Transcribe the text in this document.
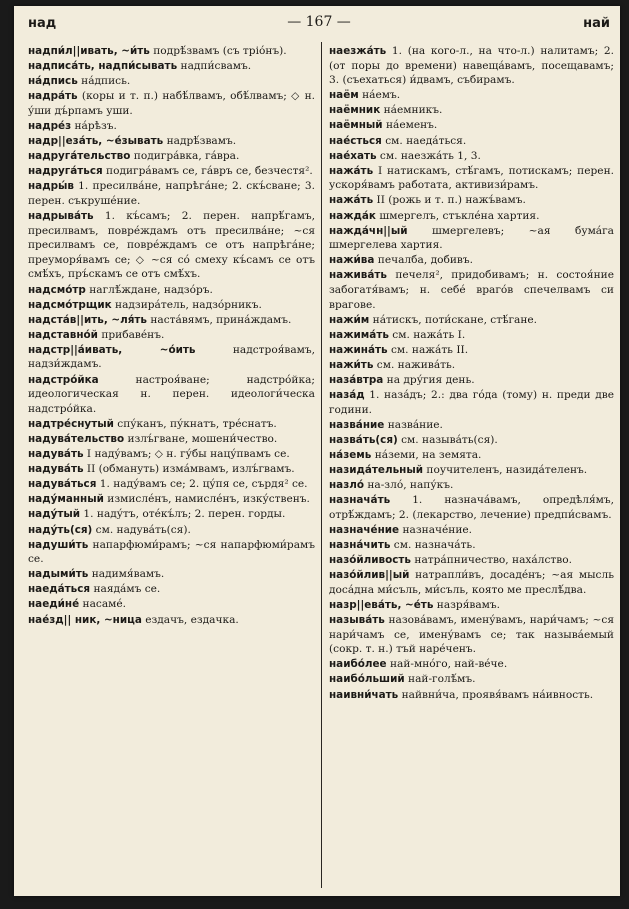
над	— 167 —	най
надпи́л||ивать, ~и́ть подрѣ́звамъ (съ тріо́нъ).
надписа́ть, надпи́сывать надпи́свамъ.
на́дпись на́дпись.
надра́ть (коры и т. п.) набѣ́лвамъ, обѣ́лвамъ; ◇ н. у́ши дъ́рпамъ уши.
надре́з на́рѣзъ.
надр||еза́ть, ~е́зывать надрѣ́звамъ.
надруга́тельство подигра́вка, га́вра.
надруга́ться подигра́вамъ се, га́връ се, безчестя².
надры́в 1. пресилва́не, напрѣга́не; 2. скъ́сване; 3. перен. съкруше́ние.
надрыва́ть 1. къ́самъ; 2. перен. напрѣ́гамъ, пресилвамъ, повре́ждамъ отъ пресилва́не; ~ся пресилвамъ се, повре́ждамъ се отъ напрѣга́не; преуморя́вамъ се; ◇ ~ся со́ смеху къ́самъ се отъ смѣ́хъ, пръ́скамъ се отъ смѣ́хъ.
надсмо́тр наглѣ́ждане, надзо́ръ.
надсмо́трщик надзира́тель, надзо́рникъ.
надста́в||ить, ~ля́ть наста́вямъ, прина́ждамъ.
надставно́й прибаве́нъ.
надстр||а́ивать, ~о́ить надстроя́вамъ, надзи́ждамъ.
надстро́йка настроя́ване; надстро́йка; идеологическая н. перен. идеологи́ческа надстро́йка.
надтре́снутый спу́канъ, пу́кнатъ, тре́снатъ.
надува́тельство излъ́гване, мошени́чество.
надува́ть I наду́вамъ; ◇ н. гу́бы нацу́пвамъ се.
надува́ть II (обмануть) изма́мвамъ, излъ́гвамъ.
надува́ться 1. наду́вамъ се; 2. цу́пя се, сърдя² се.
наду́манный измисле́нъ, намисле́нъ, изку́ственъ.
наду́тый 1. наду́тъ, оте́къ́лъ; 2. перен. горды.
наду́ть(ся) см. надува́ть(ся).
надуши́ть напарфюми́рамъ; ~ся напарфюми́рамъ се.
надыми́ть надимя́вамъ.
наеда́ться наяда́мъ се.
наеди́не́ насаме́.
нае́зд|| ник, ~ница ездачъ, ездачка.
наезжа́ть 1. (на кого-л., на что-л.) налитамъ; 2. (от поры до времени) навеща́вамъ, посещавамъ; 3. (съехаться) и́двамъ, събирамъ.
наём на́емъ.
наёмник на́емникъ.
наёмный на́еменъ.
нае́сться см. наеда́ться.
нае́хать см. наезжа́ть 1, 3.
нажа́ть I натискамъ, стѣ́гамъ, потискамъ; перен. ускоря́вамъ работата, активизи́рамъ.
нажа́ть II (рожь и т. п.) нажъ́вамъ.
нажда́к шмергелъ, стъкле́на хартия.
нажда́чн||ый шмергелевъ; ~ая бума́га шмергелева хартия.
нажи́ва печалба, добивъ.
нажива́ть печеля², придобивамъ; н. состоя́ние забогатя́вамъ; н. себе́ враго́в спечелвамъ си врагове.
нажи́м на́тискъ, поти́скане, стѣ́гане.
нажима́ть см. нажа́ть I.
нажина́ть см. нажа́ть II.
нажи́ть см. нажива́ть.
наза́втра на дру́гия день.
наза́д 1. наза́дъ; 2.: два го́да (тому) н. преди две години.
назва́ние назва́ние.
назва́ть(ся) см. называ́ть(ся).
на́земь на́земи, на земята.
назида́тельный поучителенъ, назида́теленъ.
назло́ на-зло́, напу́къ.
назнача́ть 1. назнача́вамъ, опредѣля́мъ, отрѣ́ждамъ; 2. (лекарство, лечение) предпи́свамъ.
назначе́ние назначе́ние.
назна́чить см. назнача́ть.
назо́йливость натра́пничество, наха́лство.
назо́йлив||ый натрапли́въ, досаде́нъ; ~ая мысль доса́дна ми́съль, ми́съль, която ме преслѣ́два.
назр||ева́ть, ~е́ть назря́вамъ.
называ́ть назова́вамъ, имену́вамъ, нари́чамъ; ~ся нари́чамъ се, имену́вамъ се; так называ́емый (сокр. т. н.) тъй наре́ченъ.
наибо́лее най-мно́го, най-ве́че.
наибо́льший най-голѣ́мъ.
наивни́чать найвни́ча, проявя́вамъ на́ивность.
